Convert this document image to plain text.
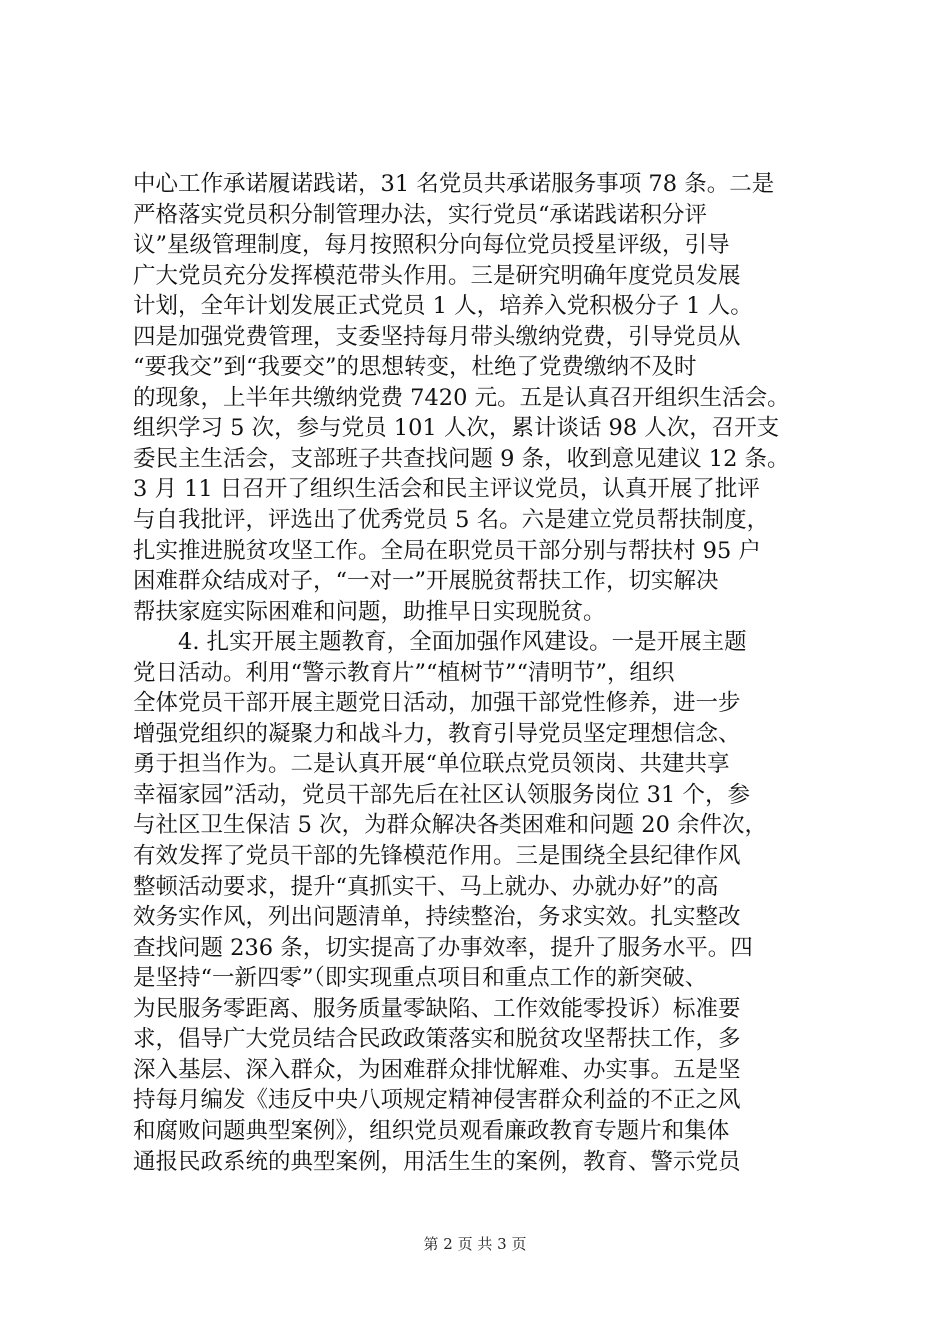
中心工作承诺履诺践诺，31 名党员共承诺服务事项 78 条。二是
严格落实党员积分制管理办法，实行党员“承诺践诺积分评
议”星级管理制度，每月按照积分向每位党员授星评级，引导
广大党员充分发挥模范带头作用。三是研究明确年度党员发展
计划，全年计划发展正式党员 1 人，培养入党积极分子 1 人。
四是加强党费管理，支委坚持每月带头缴纳党费，引导党员从
“要我交”到“我要交”的思想转变，杜绝了党费缴纳不及时
的现象，上半年共缴纳党费 7420 元。五是认真召开组织生活会。
组织学习 5 次，参与党员 101 人次，累计谈话 98 人次，召开支
委民主生活会，支部班子共查找问题 9 条，收到意见建议 12 条。
3 月 11 日召开了组织生活会和民主评议党员，认真开展了批评
与自我批评，评选出了优秀党员 5 名。六是建立党员帮扶制度，
扎实推进脱贫攻坚工作。全局在职党员干部分别与帮扶村 95 户
困难群众结成对子，“一对一”开展脱贫帮扶工作，切实解决
帮扶家庭实际困难和问题，助推早日实现脱贫。
　　4. 扎实开展主题教育，全面加强作风建设。一是开展主题
党日活动。利用“警示教育片”“植树节”“清明节”，组织
全体党员干部开展主题党日活动，加强干部党性修养，进一步
增强党组织的凝聚力和战斗力，教育引导党员坚定理想信念、
勇于担当作为。二是认真开展“单位联点党员领岗、共建共享
幸福家园”活动，党员干部先后在社区认领服务岗位 31 个，参
与社区卫生保洁 5 次，为群众解决各类困难和问题 20 余件次，
有效发挥了党员干部的先锋模范作用。三是围绕全县纪律作风
整顿活动要求，提升“真抓实干、马上就办、办就办好”的高
效务实作风，列出问题清单，持续整治，务求实效。扎实整改
查找问题 236 条，切实提高了办事效率，提升了服务水平。四
是坚持“一新四零”（即实现重点项目和重点工作的新突破、
为民服务零距离、服务质量零缺陷、工作效能零投诉）标准要
求，倡导广大党员结合民政政策落实和脱贫攻坚帮扶工作，多
深入基层、深入群众，为困难群众排忧解难、办实事。五是坚
持每月编发《违反中央八项规定精神侵害群众利益的不正之风
和腐败问题典型案例》，组织党员观看廉政教育专题片和集体
通报民政系统的典型案例，用活生生的案例，教育、警示党员
第 2 页 共 3 页
